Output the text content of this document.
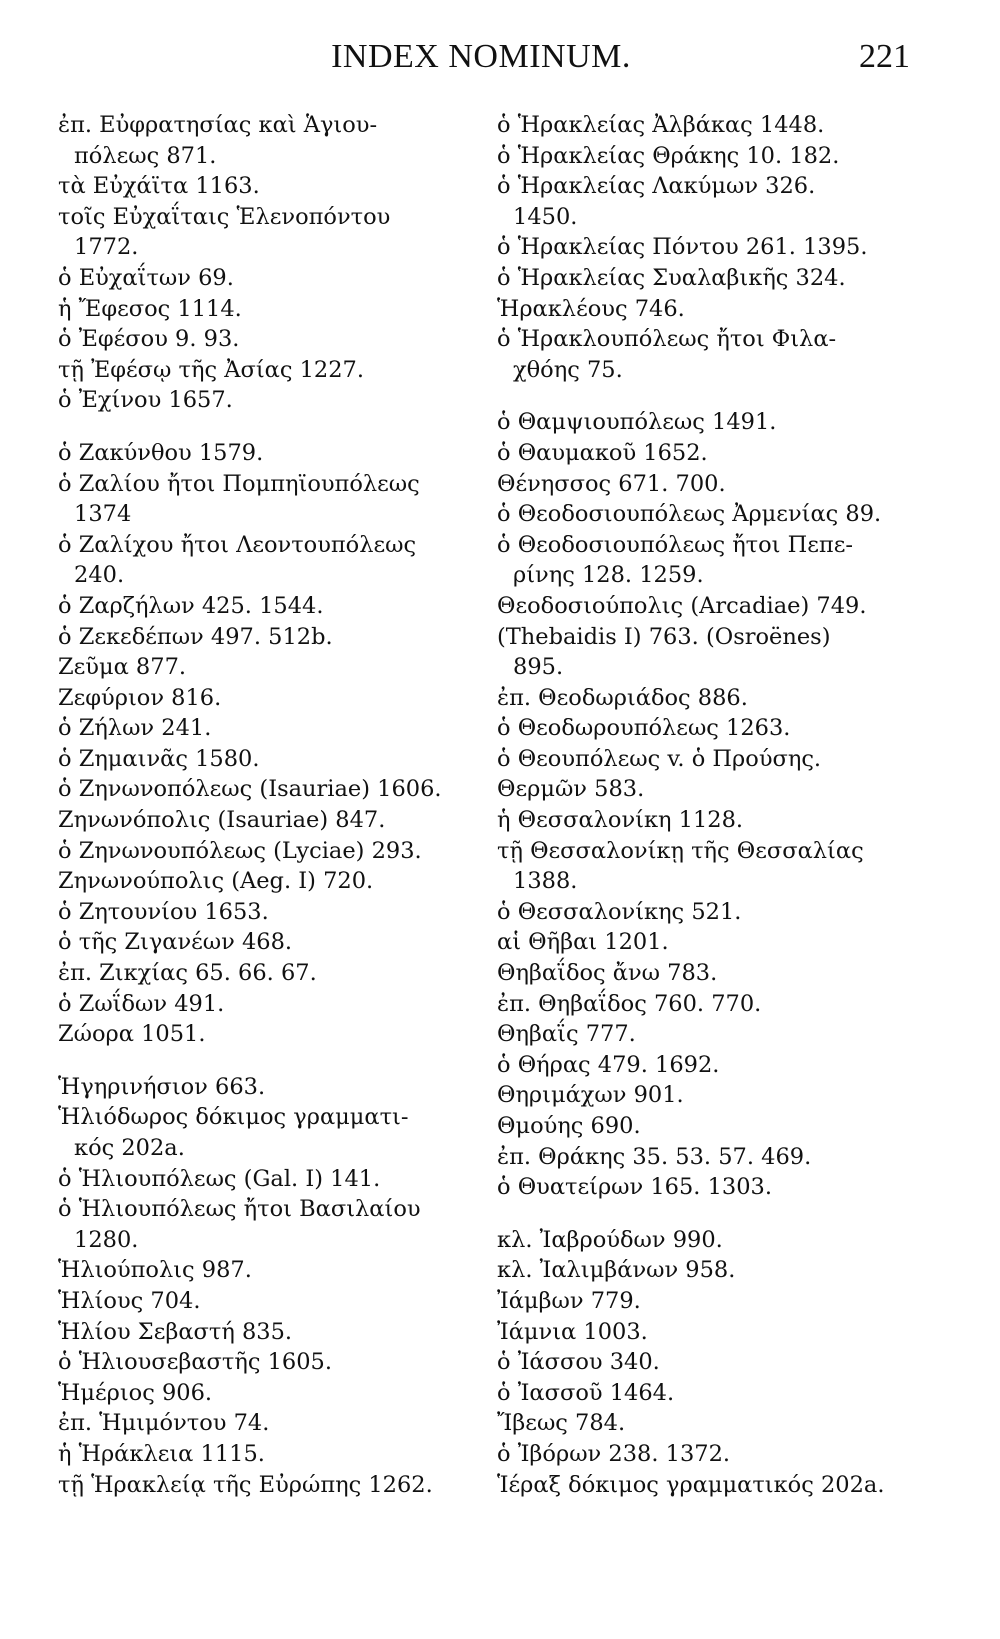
INDEX NOMINUM.	221
ἐπ. Εὐφρατησίας καὶ Ἁγιου-
πόλεως 871.
τὰ Εὐχάϊτα 1163.
τοῖς Εὐχαΐταις Ἑλενοπόντου
1772.
ὁ Εὐχαΐτων 69.
ἡ Ἔφεσος 1114.
ὁ Ἐφέσου 9. 93.
τῇ Ἐφέσῳ τῆς Ἀσίας 1227.
ὁ Ἐχίνου 1657.
ὁ Ζακύνθου 1579.
ὁ Ζαλίου ἤτοι Πομπηϊουπόλεως
1374
ὁ Ζαλίχου ἤτοι Λεοντουπόλεως
240.
ὁ Ζαρζήλων 425. 1544.
ὁ Ζεκεδέπων 497. 512b.
Ζεῦμα 877.
Ζεφύριον 816.
ὁ Ζήλων 241.
ὁ Ζημαινᾶς 1580.
ὁ Ζηνωνοπόλεως (Isauriae) 1606.
Ζηνωνόπολις (Isauriae) 847.
ὁ Ζηνωνουπόλεως (Lyciae) 293.
Ζηνωνούπολις (Aeg. I) 720.
ὁ Ζητουνίου 1653.
ὁ τῆς Ζιγανέων 468.
ἐπ. Ζικχίας 65. 66. 67.
ὁ Ζωΐδων 491.
Ζώορα 1051.
Ἡγηρινήσιον 663.
Ἡλιόδωρος δόκιμος γραμματι-
κός 202a.
ὁ Ἡλιουπόλεως (Gal. I) 141.
ὁ Ἡλιουπόλεως ἤτοι Βασιλαίου
1280.
Ἡλιούπολις 987.
Ἡλίους 704.
Ἡλίου Σεβαστή 835.
ὁ Ἡλιουσεβαστῆς 1605.
Ἡμέριος 906.
ἐπ. Ἡμιμόντου 74.
ἡ Ἡράκλεια 1115.
τῇ Ἡρακλείᾳ τῆς Εὐρώπης 1262.
ὁ Ἡρακλείας Ἀλβάκας 1448.
ὁ Ἡρακλείας Θράκης 10. 182.
ὁ Ἡρακλείας Λακύμων 326.
1450.
ὁ Ἡρακλείας Πόντου 261. 1395.
ὁ Ἡρακλείας Συαλαβικῆς 324.
Ἡρακλέους 746.
ὁ Ἡρακλουπόλεως ἤτοι Φιλα-
χθόης 75.
ὁ Θαμψιουπόλεως 1491.
ὁ Θαυμακοῦ 1652.
Θένησσος 671. 700.
ὁ Θεοδοσιουπόλεως Ἀρμενίας 89.
ὁ Θεοδοσιουπόλεως ἤτοι Πεπε-
ρίνης 128. 1259.
Θεοδοσιούπολις (Arcadiae) 749.
(Thebaidis I) 763. (Osroënes)
895.
ἐπ. Θεοδωριάδος 886.
ὁ Θεοδωρουπόλεως 1263.
ὁ Θεουπόλεως v. ὁ Προύσης.
Θερμῶν 583.
ἡ Θεσσαλονίκη 1128.
τῇ Θεσσαλονίκῃ τῆς Θεσσαλίας
1388.
ὁ Θεσσαλονίκης 521.
αἱ Θῆβαι 1201.
Θηβαΐδος ἄνω 783.
ἐπ. Θηβαΐδος 760. 770.
Θηβαΐς 777.
ὁ Θήρας 479. 1692.
Θηριμάχων 901.
Θμούης 690.
ἐπ. Θράκης 35. 53. 57. 469.
ὁ Θυατείρων 165. 1303.
κλ. Ἰαβρούδων 990.
κλ. Ἰαλιμβάνων 958.
Ἰάμβων 779.
Ἰάμνια 1003.
ὁ Ἰάσσου 340.
ὁ Ἰασσοῦ 1464.
Ἴβεως 784.
ὁ Ἰβόρων 238. 1372.
Ἱέραξ δόκιμος γραμματικός 202a.
